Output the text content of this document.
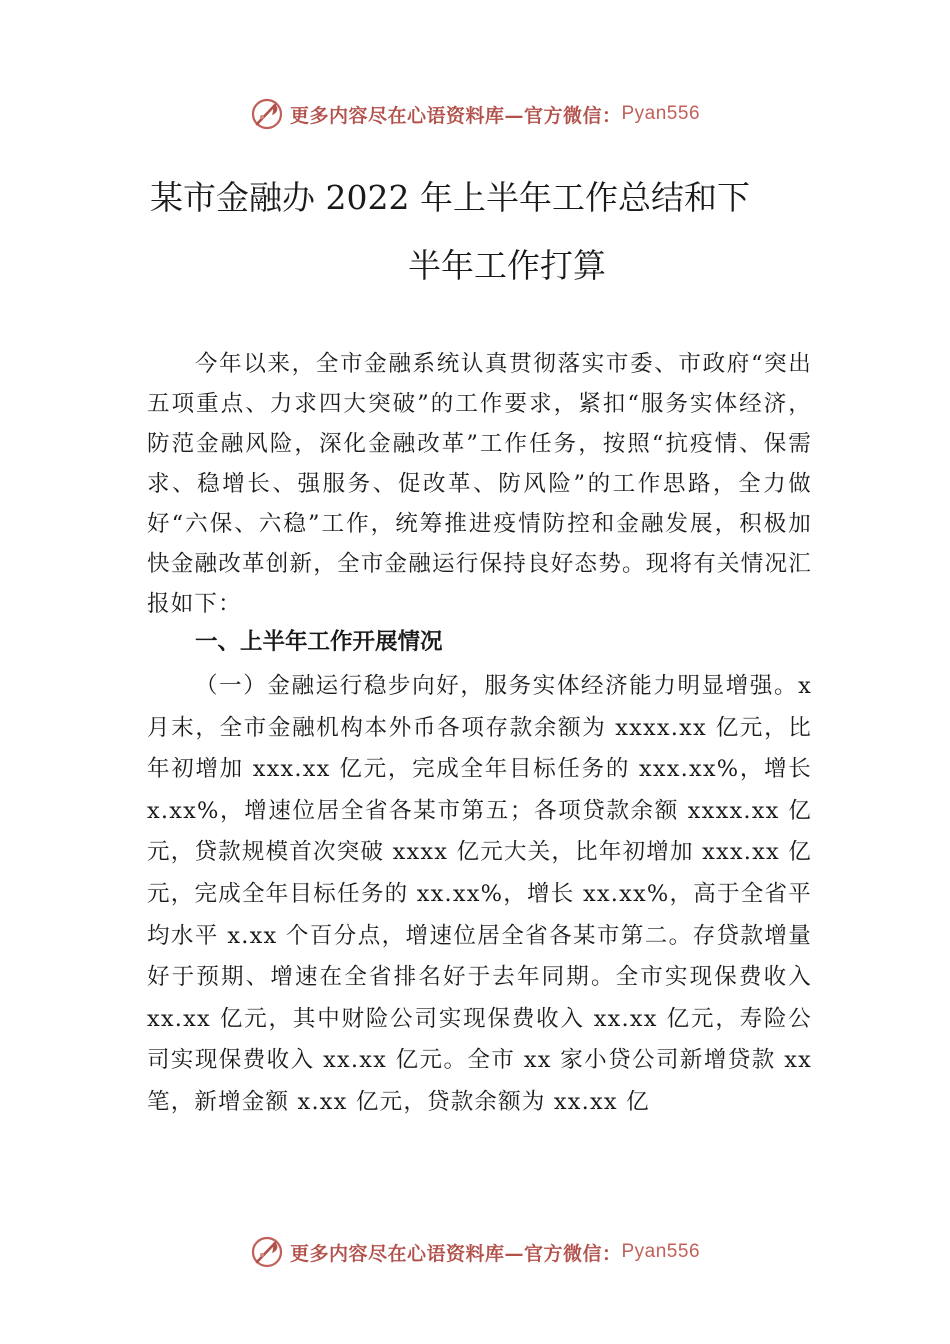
更多内容尽在心语资料库—官方微信： Pyan556
某市金融办 2022 年上半年工作总结和下
半年工作打算
今年以来，全市金融系统认真贯彻落实市委、市政府“突出五项重点、力求四大突破”的工作要求，紧扣“服务实体经济，防范金融风险，深化金融改革”工作任务，按照“抗疫情、保需求、稳增长、强服务、促改革、防风险”的工作思路，全力做好“六保、六稳”工作，统筹推进疫情防控和金融发展，积极加快金融改革创新，全市金融运行保持良好态势。现将有关情况汇报如下：
一、上半年工作开展情况
（一）金融运行稳步向好，服务实体经济能力明显增强。x 月末，全市金融机构本外币各项存款余额为 xxxx.xx 亿元，比年初增加 xxx.xx 亿元，完成全年目标任务的 xxx.xx%，增长 x.xx%，增速位居全省各某市第五；各项贷款余额 xxxx.xx 亿元，贷款规模首次突破 xxxx 亿元大关，比年初增加 xxx.xx 亿元，完成全年目标任务的 xx.xx%，增长 xx.xx%，高于全省平均水平 x.xx 个百分点，增速位居全省各某市第二。存贷款增量好于预期、增速在全省排名好于去年同期。全市实现保费收入 xx.xx 亿元，其中财险公司实现保费收入 xx.xx 亿元，寿险公司实现保费收入 xx.xx 亿元。全市 xx 家小贷公司新增贷款 xx 笔，新增金额 x.xx 亿元，贷款余额为 xx.xx 亿
更多内容尽在心语资料库—官方微信： Pyan556
